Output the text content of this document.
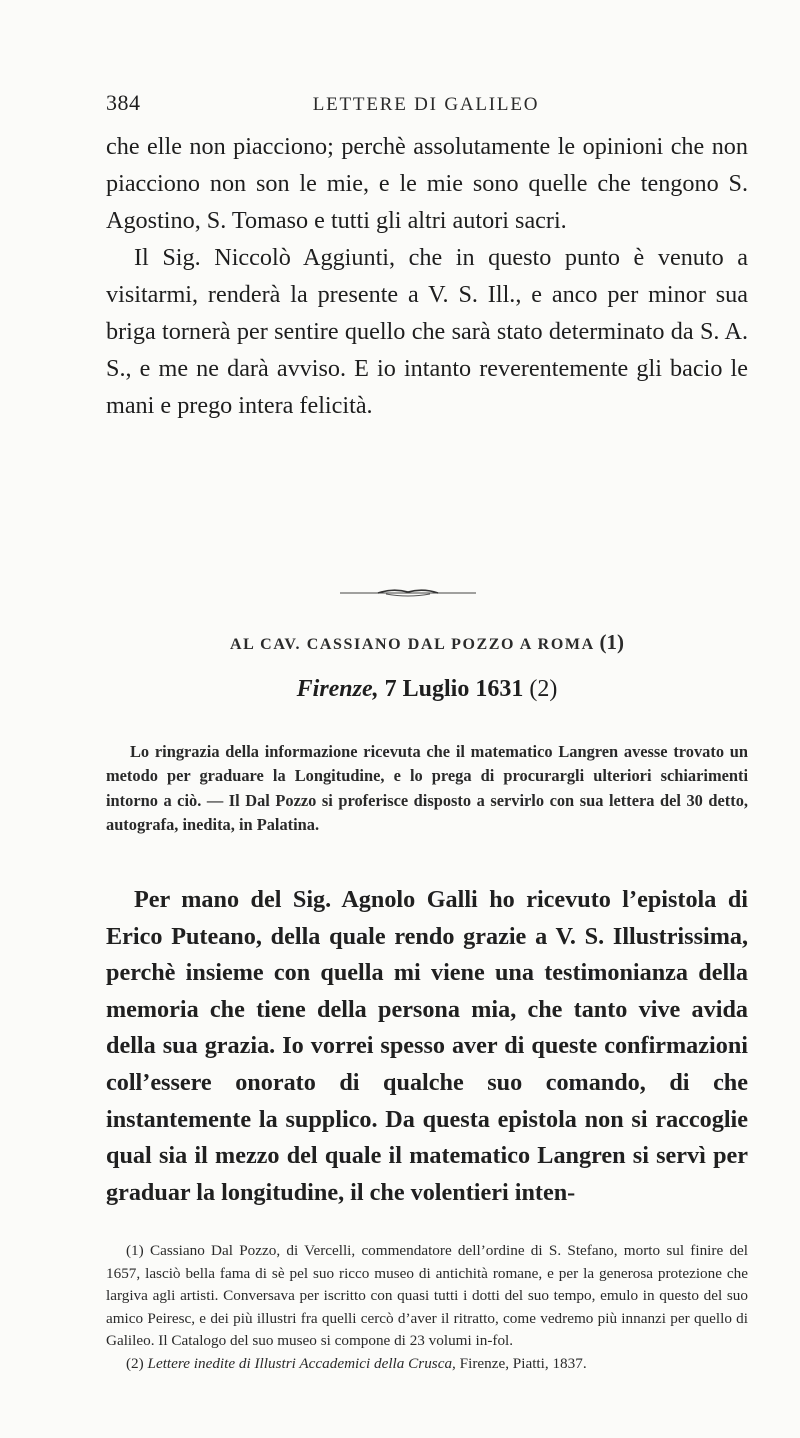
384	LETTERE DI GALILEO

che elle non piacciono; perchè assolutamente le opinioni che non piacciono non son le mie, e le mie sono quelle che tengono S. Agostino, S. Tomaso e tutti gli altri autori sacri.

Il Sig. Niccolò Aggiunti, che in questo punto è venuto a visitarmi, renderà la presente a V. S. Ill., e anco per minor sua briga tornerà per sentire quello che sarà stato determinato da S. A. S., e me ne darà avviso. E io intanto reverentemente gli bacio le mani e prego intera felicità.

AL CAV. CASSIANO DAL POZZO A ROMA (1)
Firenze, 7 Luglio 1631 (2)

Lo ringrazia della informazione ricevuta che il matematico Langren avesse trovato un metodo per graduare la Longitudine, e lo prega di procurargli ulteriori schiarimenti intorno a ciò. — Il Dal Pozzo si proferisce disposto a servirlo con sua lettera del 30 detto, autografa, inedita, in Palatina.

Per mano del Sig. Agnolo Galli ho ricevuto l’epistola di Erico Puteano, della quale rendo grazie a V. S. Illustrissima, perchè insieme con quella mi viene una testimonianza della memoria che tiene della persona mia, che tanto vive avida della sua grazia. Io vorrei spesso aver di queste confirmazioni coll’essere onorato di qualche suo comando, di che instantemente la supplico. Da questa epistola non si raccoglie qual sia il mezzo del quale il matematico Langren si servì per graduar la longitudine, il che volentieri inten-

(1) Cassiano Dal Pozzo, di Vercelli, commendatore dell’ordine di S. Stefano, morto sul finire del 1657, lasciò bella fama di sè pel suo ricco museo di antichità romane, e per la generosa protezione che largiva agli artisti. Conversava per iscritto con quasi tutti i dotti del suo tempo, emulo in questo del suo amico Peiresc, e dei più illustri fra quelli cercò d’aver il ritratto, come vedremo più innanzi per quello di Galileo. Il Catalogo del suo museo si compone di 23 volumi in-fol.

(2) Lettere inedite di Illustri Accademici della Crusca, Firenze, Piatti, 1837.
